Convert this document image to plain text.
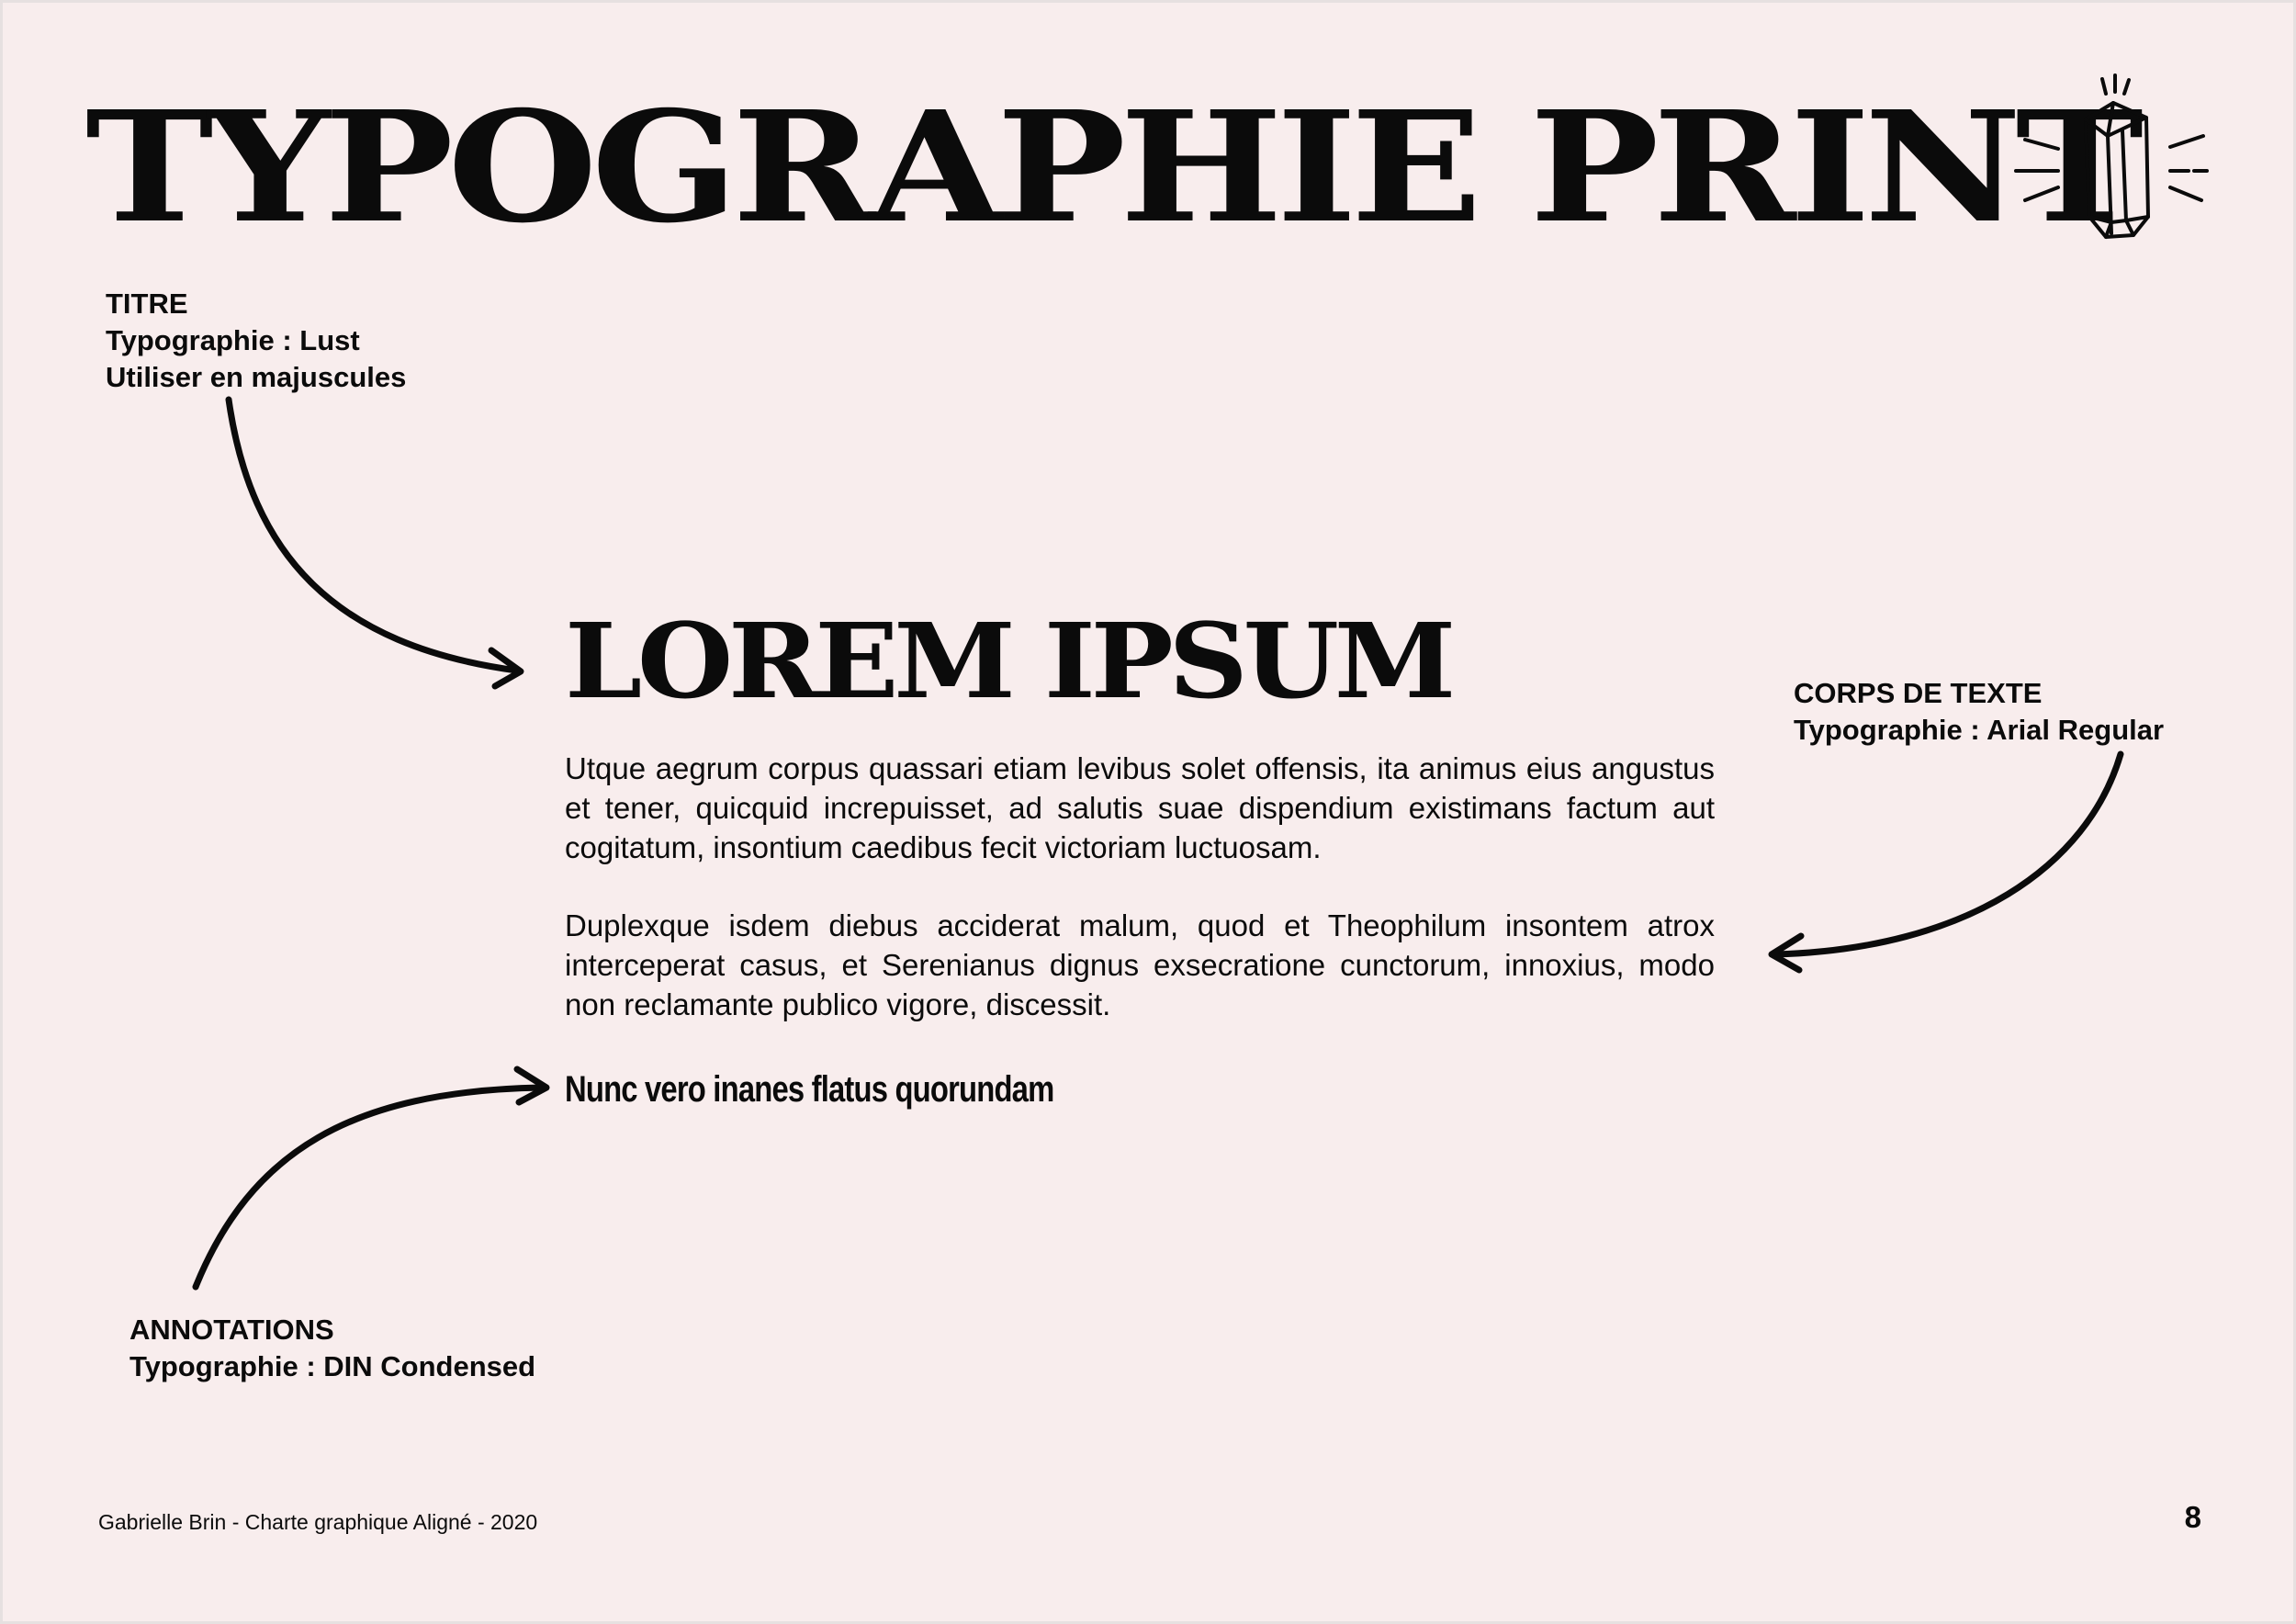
TYPOGRAPHIE PRINT
TITRE
Typographie : Lust
Utiliser en majuscules
CORPS DE TEXTE
Typographie : Arial Regular
ANNOTATIONS
Typographie : DIN Condensed
LOREM IPSUM

Utque aegrum corpus quassari etiam levibus solet offensis, ita animus eius angustus et tener, quicquid increpuisset, ad salutis suae dispendium existimans factum aut cogitatum, insontium caedibus fecit victoriam luctuosam.

Duplexque isdem diebus acciderat malum, quod et Theophilum insontem atrox interceperat casus, et Serenianus dignus exsecratione cunctorum, innoxius, modo non reclamante publico vigore, discessit.

Nunc vero inanes flatus quorundam
Gabrielle Brin - Charte graphique Aligné - 2020	8
